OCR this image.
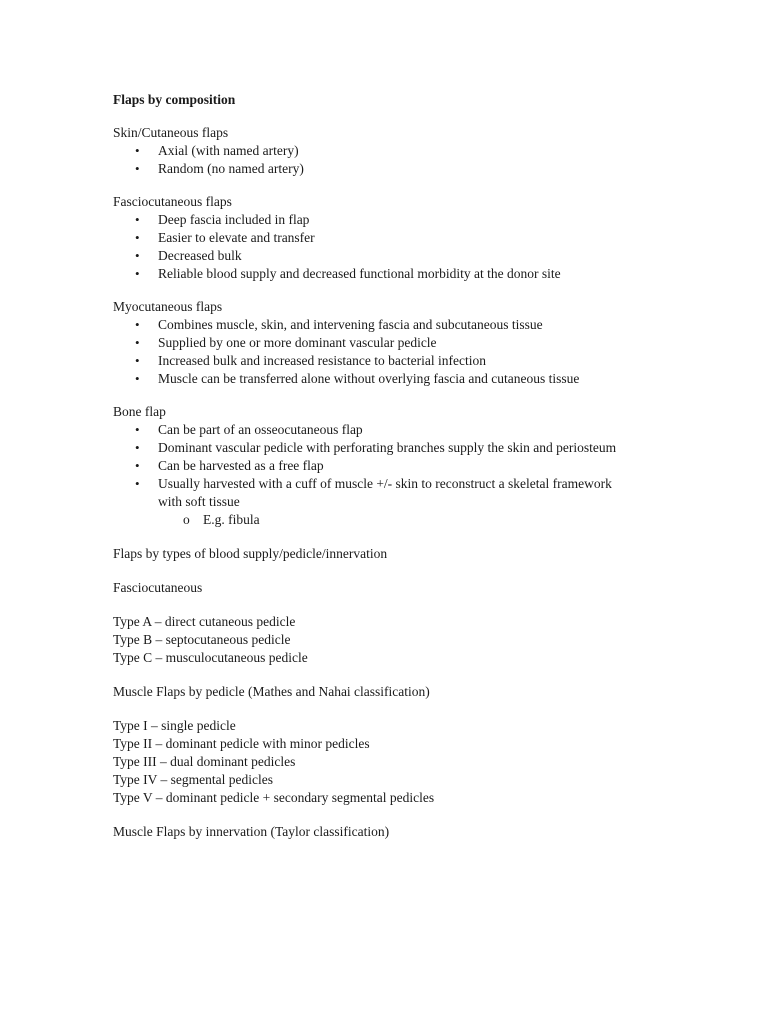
Flaps by composition
Skin/Cutaneous flaps
• Axial (with named artery)
• Random (no named artery)
Fasciocutaneous flaps
• Deep fascia included in flap
• Easier to elevate and transfer
• Decreased bulk
• Reliable blood supply and decreased functional morbidity at the donor site
Myocutaneous flaps
• Combines muscle, skin, and intervening fascia and subcutaneous tissue
• Supplied by one or more dominant vascular pedicle
• Increased bulk and increased resistance to bacterial infection
• Muscle can be transferred alone without overlying fascia and cutaneous tissue
Bone flap
• Can be part of an osseocutaneous flap
• Dominant vascular pedicle with perforating branches supply the skin and periosteum
• Can be harvested as a free flap
• Usually harvested with a cuff of muscle +/- skin to reconstruct a skeletal framework with soft tissue
o E.g. fibula
Flaps by types of blood supply/pedicle/innervation
Fasciocutaneous
Type A – direct cutaneous pedicle
Type B – septocutaneous pedicle
Type C – musculocutaneous pedicle
Muscle Flaps by pedicle (Mathes and Nahai classification)
Type I – single pedicle
Type II – dominant pedicle with minor pedicles
Type III – dual dominant pedicles
Type IV – segmental pedicles
Type V – dominant pedicle + secondary segmental pedicles
Muscle Flaps by innervation (Taylor classification)
